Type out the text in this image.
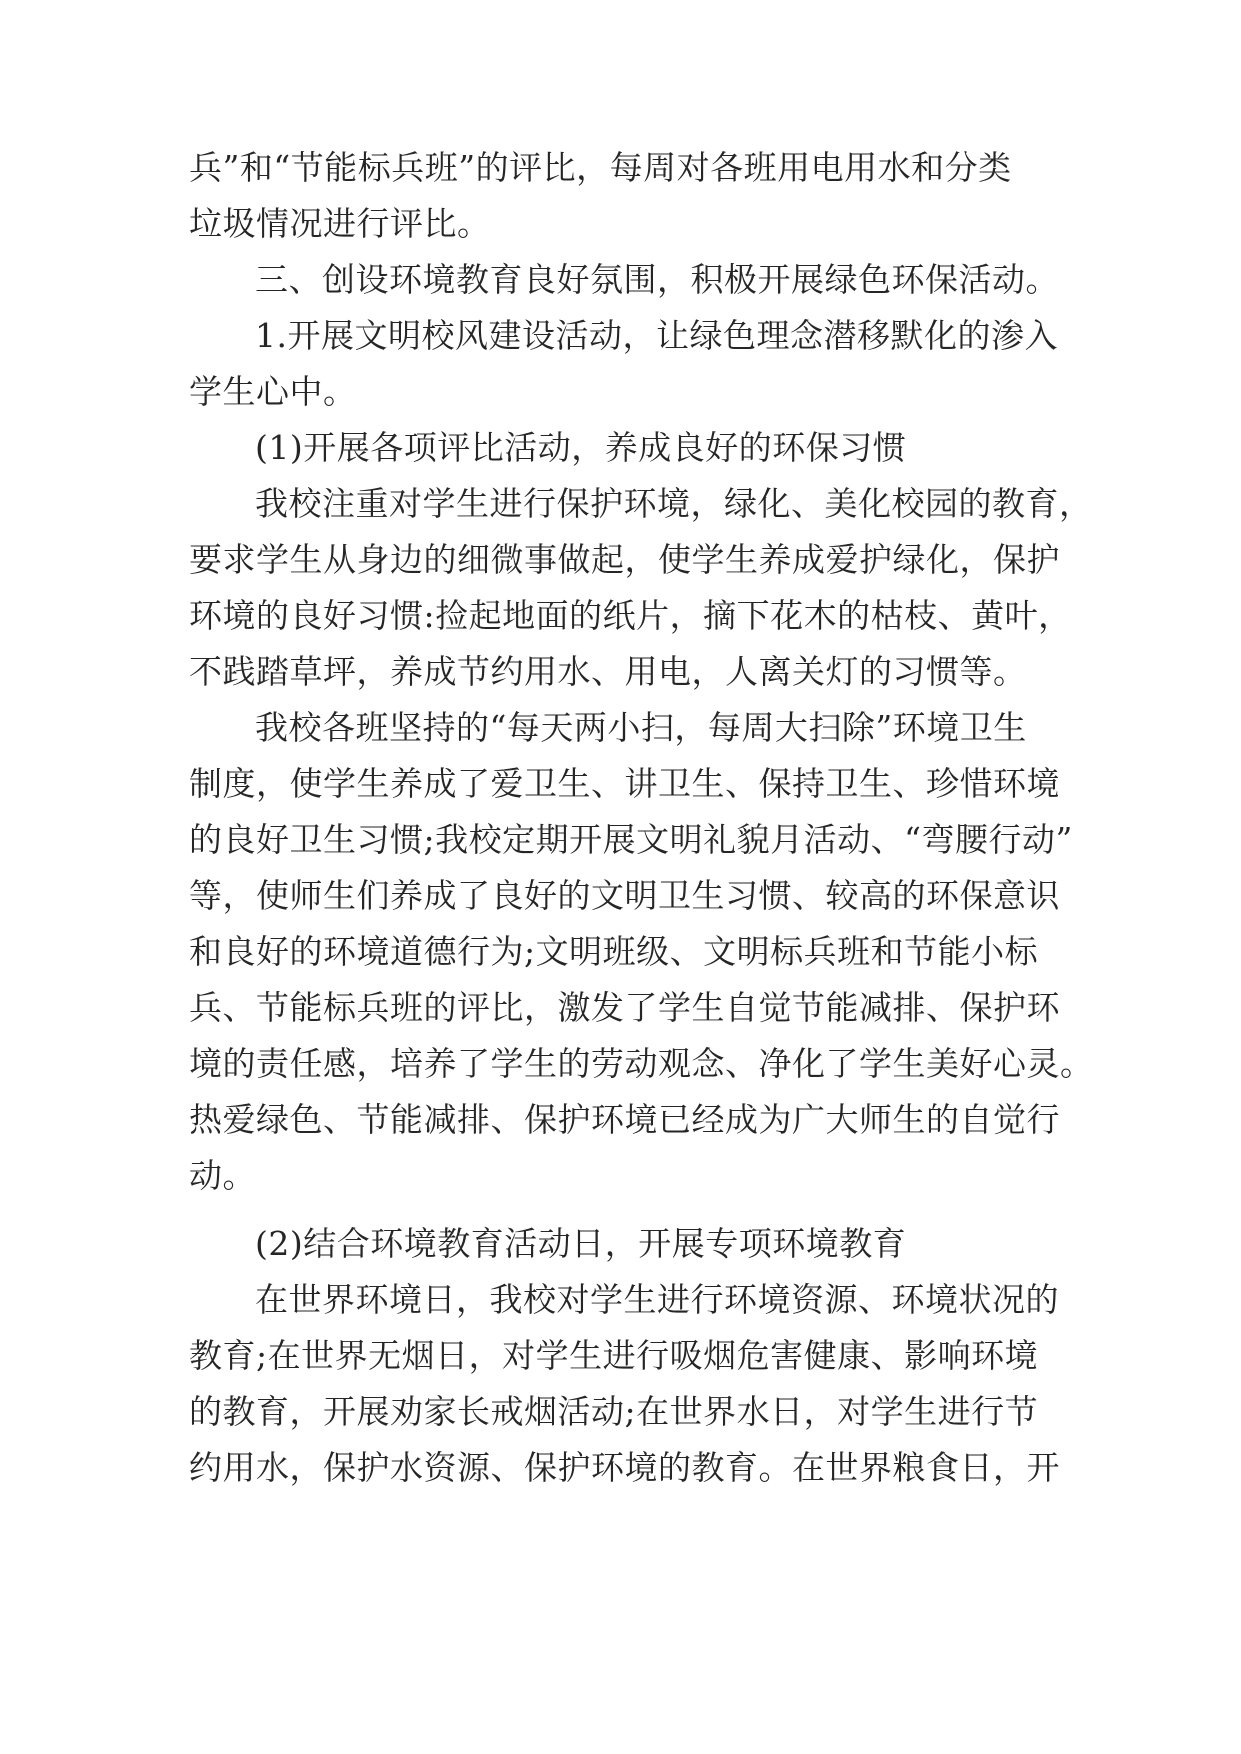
兵”和“节能标兵班”的评比，每周对各班用电用水和分类
垃圾情况进行评比。
三、创设环境教育良好氛围，积极开展绿色环保活动。
1.开展文明校风建设活动，让绿色理念潜移默化的渗入
学生心中。
(1)开展各项评比活动，养成良好的环保习惯
我校注重对学生进行保护环境，绿化、美化校园的教育，
要求学生从身边的细微事做起，使学生养成爱护绿化，保护
环境的良好习惯:捡起地面的纸片，摘下花木的枯枝、黄叶，
不践踏草坪，养成节约用水、用电，人离关灯的习惯等。
我校各班坚持的“每天两小扫，每周大扫除”环境卫生
制度，使学生养成了爱卫生、讲卫生、保持卫生、珍惜环境
的良好卫生习惯;我校定期开展文明礼貌月活动、“弯腰行动”
等，使师生们养成了良好的文明卫生习惯、较高的环保意识
和良好的环境道德行为;文明班级、文明标兵班和节能小标
兵、节能标兵班的评比，激发了学生自觉节能减排、保护环
境的责任感，培养了学生的劳动观念、净化了学生美好心灵。
热爱绿色、节能减排、保护环境已经成为广大师生的自觉行
动。
(2)结合环境教育活动日，开展专项环境教育
在世界环境日，我校对学生进行环境资源、环境状况的
教育;在世界无烟日，对学生进行吸烟危害健康、影响环境
的教育，开展劝家长戒烟活动;在世界水日，对学生进行节
约用水，保护水资源、保护环境的教育。在世界粮食日，开
